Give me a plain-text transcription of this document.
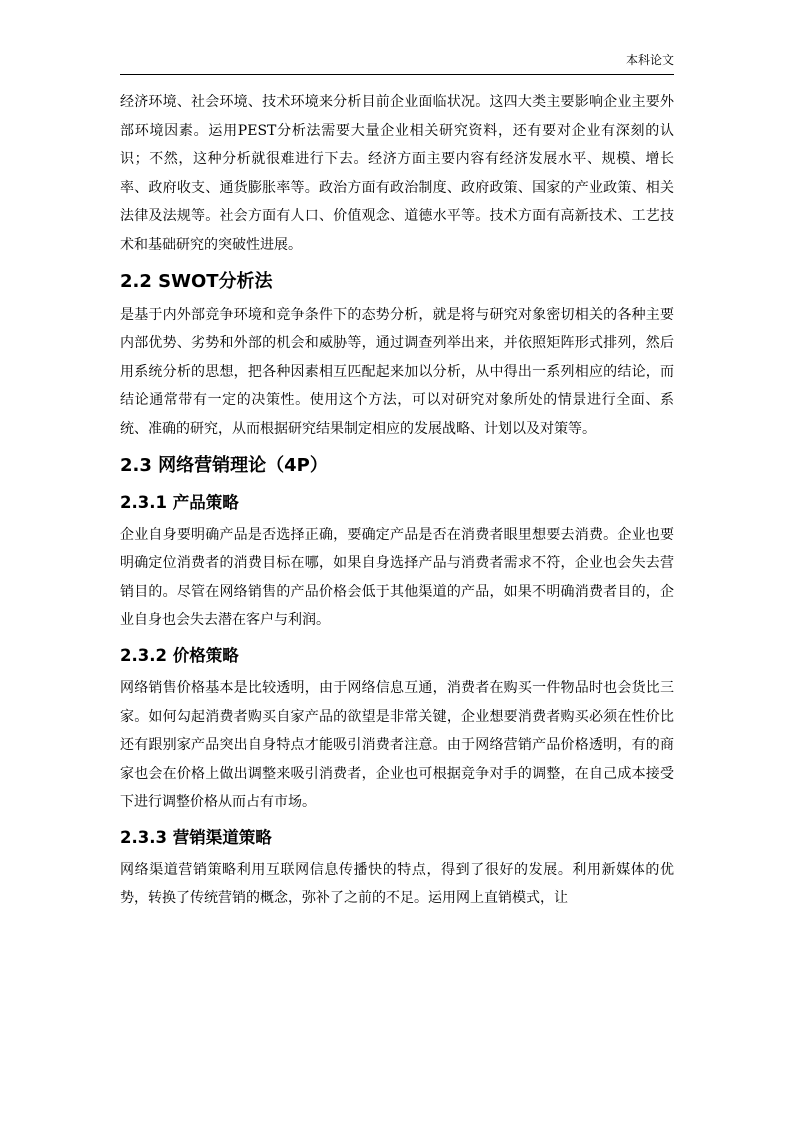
本科论文

经济环境、社会环境、技术环境来分析目前企业面临状况。这四大类主要影响企业主要外部环境因素。运用PEST分析法需要大量企业相关研究资料，还有要对企业有深刻的认识；不然，这种分析就很难进行下去。经济方面主要内容有经济发展水平、规模、增长率、政府收支、通货膨胀率等。政治方面有政治制度、政府政策、国家的产业政策、相关法律及法规等。社会方面有人口、价值观念、道德水平等。技术方面有高新技术、工艺技术和基础研究的突破性进展。

2.2 SWOT分析法

是基于内外部竞争环境和竞争条件下的态势分析，就是将与研究对象密切相关的各种主要内部优势、劣势和外部的机会和威胁等，通过调查列举出来，并依照矩阵形式排列，然后用系统分析的思想，把各种因素相互匹配起来加以分析，从中得出一系列相应的结论，而结论通常带有一定的决策性。使用这个方法，可以对研究对象所处的情景进行全面、系统、准确的研究，从而根据研究结果制定相应的发展战略、计划以及对策等。

2.3 网络营销理论（4P）
2.3.1 产品策略

企业自身要明确产品是否选择正确，要确定产品是否在消费者眼里想要去消费。企业也要明确定位消费者的消费目标在哪，如果自身选择产品与消费者需求不符，企业也会失去营销目的。尽管在网络销售的产品价格会低于其他渠道的产品，如果不明确消费者目的，企业自身也会失去潜在客户与利润。

2.3.2 价格策略

网络销售价格基本是比较透明，由于网络信息互通，消费者在购买一件物品时也会货比三家。如何勾起消费者购买自家产品的欲望是非常关键，企业想要消费者购买必须在性价比还有跟别家产品突出自身特点才能吸引消费者注意。由于网络营销产品价格透明，有的商家也会在价格上做出调整来吸引消费者，企业也可根据竞争对手的调整，在自己成本接受下进行调整价格从而占有市场。

2.3.3 营销渠道策略

网络渠道营销策略利用互联网信息传播快的特点，得到了很好的发展。利用新媒体的优势，转换了传统营销的概念，弥补了之前的不足。运用网上直销模式，让
